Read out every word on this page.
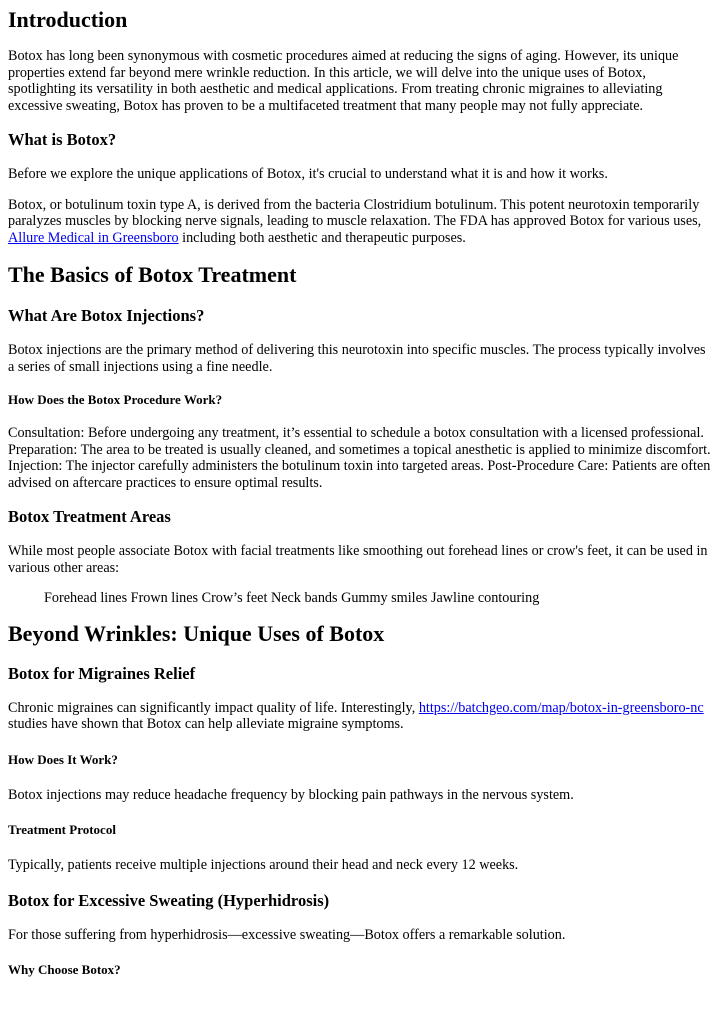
Introduction

Botox has long been synonymous with cosmetic procedures aimed at reducing the signs of aging. However, its unique properties extend far beyond mere wrinkle reduction. In this article, we will delve into the unique uses of Botox, spotlighting its versatility in both aesthetic and medical applications. From treating chronic migraines to alleviating excessive sweating, Botox has proven to be a multifaceted treatment that many people may not fully appreciate.

What is Botox?

Before we explore the unique applications of Botox, it's crucial to understand what it is and how it works.

Botox, or botulinum toxin type A, is derived from the bacteria Clostridium botulinum. This potent neurotoxin temporarily paralyzes muscles by blocking nerve signals, leading to muscle relaxation. The FDA has approved Botox for various uses, Allure Medical in Greensboro including both aesthetic and therapeutic purposes.

The Basics of Botox Treatment
What Are Botox Injections?

Botox injections are the primary method of delivering this neurotoxin into specific muscles. The process typically involves a series of small injections using a fine needle.

How Does the Botox Procedure Work?

Consultation: Before undergoing any treatment, it’s essential to schedule a botox consultation with a licensed professional. Preparation: The area to be treated is usually cleaned, and sometimes a topical anesthetic is applied to minimize discomfort. Injection: The injector carefully administers the botulinum toxin into targeted areas. Post-Procedure Care: Patients are often advised on aftercare practices to ensure optimal results.

Botox Treatment Areas

While most people associate Botox with facial treatments like smoothing out forehead lines or crow's feet, it can be used in various other areas:

Forehead lines Frown lines Crow’s feet Neck bands Gummy smiles Jawline contouring

Beyond Wrinkles: Unique Uses of Botox
Botox for Migraines Relief

Chronic migraines can significantly impact quality of life. Interestingly, https://batchgeo.com/map/botox-in-greensboro-nc studies have shown that Botox can help alleviate migraine symptoms.

How Does It Work?

Botox injections may reduce headache frequency by blocking pain pathways in the nervous system.

Treatment Protocol

Typically, patients receive multiple injections around their head and neck every 12 weeks.

Botox for Excessive Sweating (Hyperhidrosis)

For those suffering from hyperhidrosis—excessive sweating—Botox offers a remarkable solution.

Why Choose Botox?
